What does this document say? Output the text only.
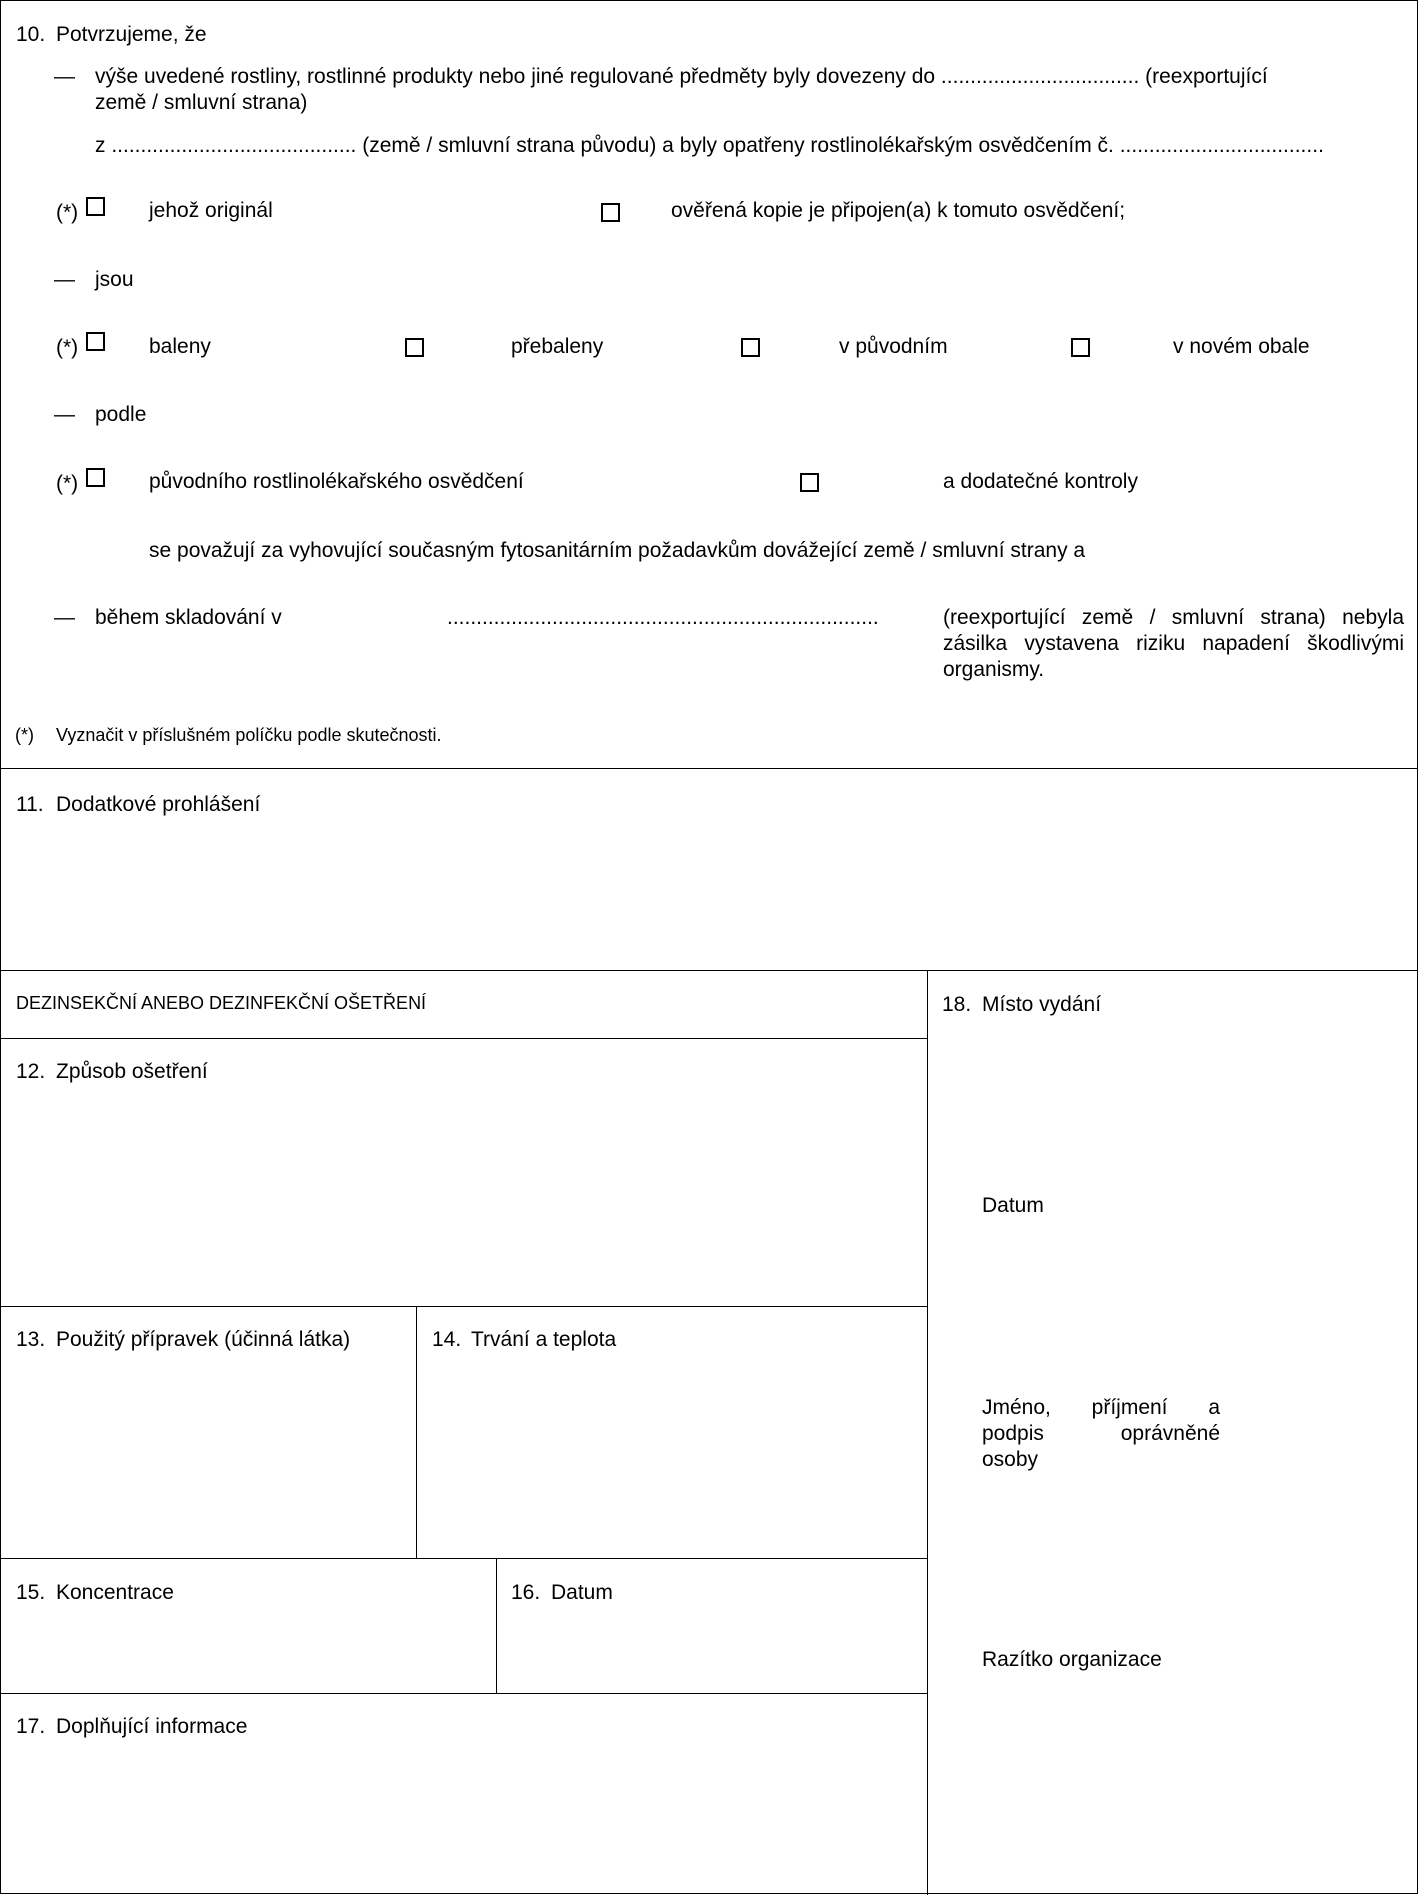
10. Potvrzujeme, že
— výše uvedené rostliny, rostlinné produkty nebo jiné regulované předměty byly dovezeny do .................................. (reexportující
země / smluvní strana)
z .......................................... (země / smluvní strana původu) a byly opatřeny rostlinolékařským osvědčením č. ...................................
(*)	jehož originál	ověřená kopie je připojen(a) k tomuto osvědčení;
— jsou
(*)	baleny	přebaleny	v původním	v novém obale
— podle
(*)	původního rostlinolékařského osvědčení	a dodatečné kontroly
se považují za vyhovující současným fytosanitárním požadavkům dovážející země / smluvní strany a
— během skladování v	..........................................................................	(reexportující země / smluvní strana) nebyla zásilka vystavena riziku napadení škodlivými organismy.
(*) Vyznačit v příslušném políčku podle skutečnosti.
11. Dodatkové prohlášení
DEZINSEKČNÍ ANEBO DEZINFEKČNÍ OŠETŘENÍ
12. Způsob ošetření
13. Použitý přípravek (účinná látka)	14. Trvání a teplota
15. Koncentrace	16. Datum
17. Doplňující informace
18. Místo vydání
Datum
Jméno, příjmení a
podpis oprávněné
osoby
Razítko organizace
